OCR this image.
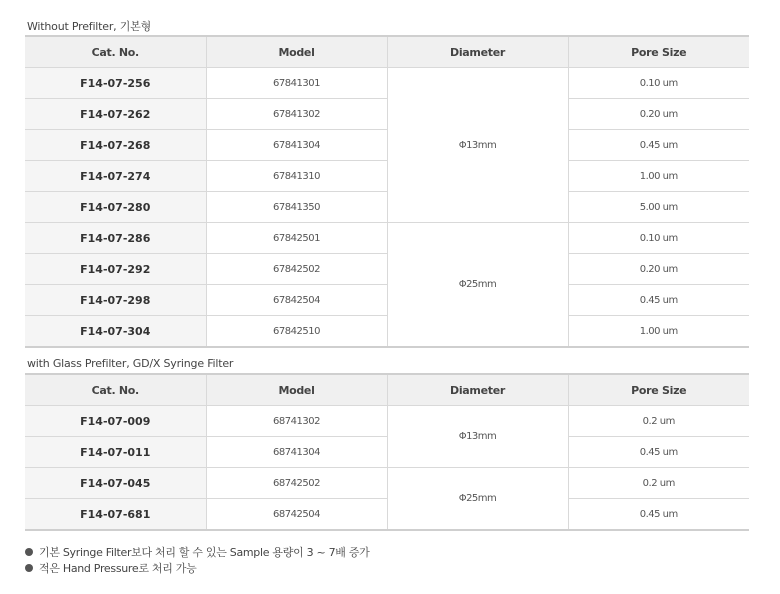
Without Prefilter, 기본형
Cat. No.	Model	Diameter	Pore Size
F14-07-256	67841301	Φ13mm	0.10 um
F14-07-262	67841302		0.20 um
F14-07-268	67841304		0.45 um
F14-07-274	67841310		1.00 um
F14-07-280	67841350		5.00 um
F14-07-286	67842501	Φ25mm	0.10 um
F14-07-292	67842502		0.20 um
F14-07-298	67842504		0.45 um
F14-07-304	67842510		1.00 um
with Glass Prefilter, GD/X Syringe Filter
Cat. No.	Model	Diameter	Pore Size
F14-07-009	68741302	Φ13mm	0.2 um
F14-07-011	68741304		0.45 um
F14-07-045	68742502	Φ25mm	0.2 um
F14-07-681	68742504		0.45 um
기본 Syringe Filter보다 처리 할 수 있는 Sample 용량이 3 ~ 7배 증가
적은 Hand Pressure로 처리 가능
